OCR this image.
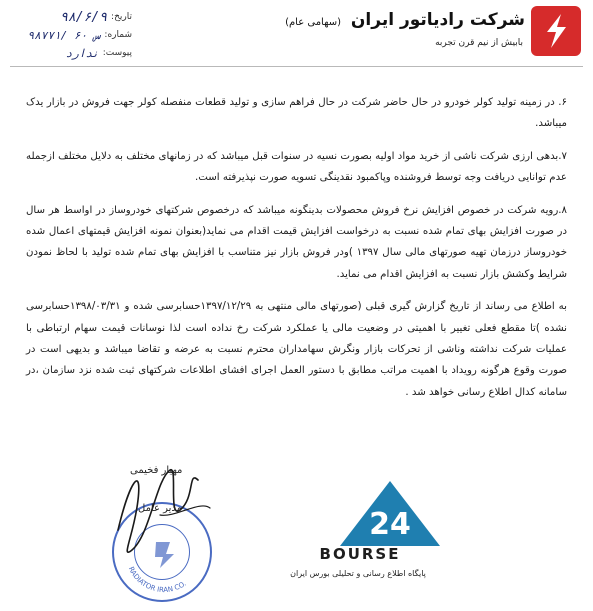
شرکت رادیاتور ایران (سهامی عام)
بابیش از نیم قرن تجربه
تاریخ:
۹۸/۶/۹
شماره:
۹۸۷۷۱/ س ۶۰
پیوست:
ندارد

۶. در زمینه تولید کولر خودرو در حال حاضر شرکت در حال فراهم سازی و تولید قطعات منفصله کولر جهت فروش در بازار یدک میباشد.

۷.بدهی ارزی شرکت ناشی از خرید مواد اولیه بصورت نسیه در سنوات قبل میباشد که در زمانهای مختلف به دلایل مختلف ازجمله عدم توانایی دریافت وجه توسط فروشنده وپاکمبود نقدینگی تسویه صورت نپذیرفته است.

۸.رویه شرکت در خصوص افزایش نرخ فروش محصولات بدینگونه میباشد که درخصوص شرکتهای خودروساز در اواسط هر سال در صورت افزایش بهای تمام شده نسبت به درخواست افزایش قیمت اقدام می نماید(بعنوان نمونه افزایش قیمتهای اعمال شده خودروساز درزمان تهیه صورتهای مالی سال ۱۳۹۷ )ودر فروش بازار نیز متناسب با افزایش بهای تمام شده تولید با لحاظ نمودن شرایط وکشش بازار نسبت به افزایش اقدام می نماید.

به اطلاع می رساند از تاریخ گزارش گیری قبلی (صورتهای مالی منتهی به ۱۳۹۷/۱۲/۲۹حسابرسی شده و ۱۳۹۸/۰۳/۳۱حسابرسی نشده )تا مقطع فعلی تغییر با اهمیتی در وضعیت مالی یا عملکرد شرکت رخ نداده است لذا نوسانات قیمت سهام ارتباطی با عملیات شرکت نداشته وناشی از تحرکات بازار ونگرش سهامداران محترم نسبت به عرضه و تقاضا میباشد و بدیهی است در صورت وقوع هرگونه رویداد با اهمیت مراتب مطابق با دستور العمل اجرای افشای اطلاعات شرکتهای ثبت شده نزد سازمان ،در سامانه کدال اطلاع رسانی خواهد شد .

RADIATOR IRAN CO.
مهیار فخیمی
مدیر عامل	24
BOURSE
پایگاه اطلاع رسانی و تحلیلی بورس ایران
